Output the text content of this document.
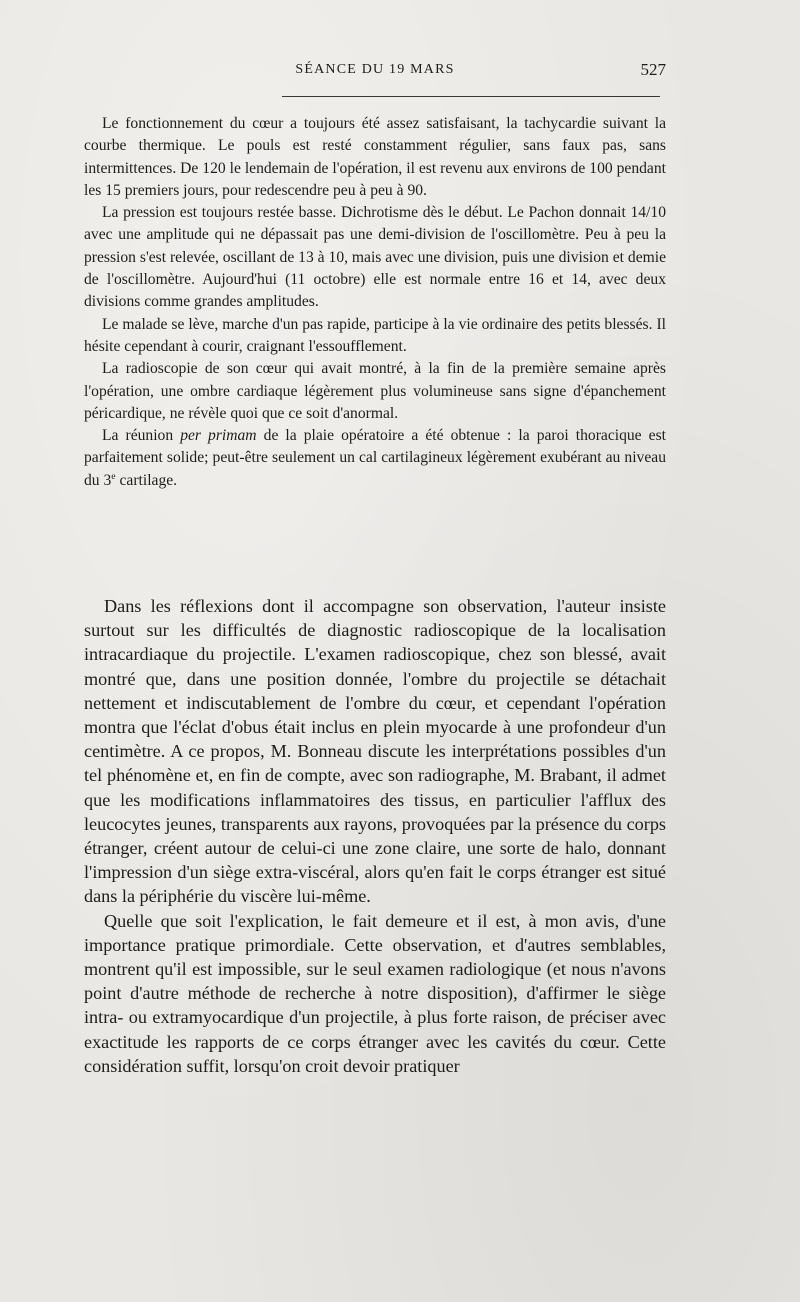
SÉANCE DU 19 MARS	527

Le fonctionnement du cœur a toujours été assez satisfaisant, la tachycardie suivant la courbe thermique. Le pouls est resté constamment régulier, sans faux pas, sans intermittences. De 120 le lendemain de l'opération, il est revenu aux environs de 100 pendant les 15 premiers jours, pour redescendre peu à peu à 90.

La pression est toujours restée basse. Dichrotisme dès le début. Le Pachon donnait 14/10 avec une amplitude qui ne dépassait pas une demi-division de l'oscillomètre. Peu à peu la pression s'est relevée, oscillant de 13 à 10, mais avec une division, puis une division et demie de l'oscillomètre. Aujourd'hui (11 octobre) elle est normale entre 16 et 14, avec deux divisions comme grandes amplitudes.

Le malade se lève, marche d'un pas rapide, participe à la vie ordinaire des petits blessés. Il hésite cependant à courir, craignant l'essoufflement.

La radioscopie de son cœur qui avait montré, à la fin de la première semaine après l'opération, une ombre cardiaque légèrement plus volumineuse sans signe d'épanchement péricardique, ne révèle quoi que ce soit d'anormal.

La réunion per primam de la plaie opératoire a été obtenue : la paroi thoracique est parfaitement solide; peut-être seulement un cal cartilagineux légèrement exubérant au niveau du 3e cartilage.

Dans les réflexions dont il accompagne son observation, l'auteur insiste surtout sur les difficultés de diagnostic radioscopique de la localisation intracardiaque du projectile. L'examen radioscopique, chez son blessé, avait montré que, dans une position donnée, l'ombre du projectile se détachait nettement et indiscutablement de l'ombre du cœur, et cependant l'opération montra que l'éclat d'obus était inclus en plein myocarde à une profondeur d'un centimètre. A ce propos, M. Bonneau discute les interprétations possibles d'un tel phénomène et, en fin de compte, avec son radiographe, M. Brabant, il admet que les modifications inflammatoires des tissus, en particulier l'afflux des leucocytes jeunes, transparents aux rayons, provoquées par la présence du corps étranger, créent autour de celui-ci une zone claire, une sorte de halo, donnant l'impression d'un siège extra-viscéral, alors qu'en fait le corps étranger est situé dans la périphérie du viscère lui-même.

Quelle que soit l'explication, le fait demeure et il est, à mon avis, d'une importance pratique primordiale. Cette observation, et d'autres semblables, montrent qu'il est impossible, sur le seul examen radiologique (et nous n'avons point d'autre méthode de recherche à notre disposition), d'affirmer le siège intra- ou extramyocardique d'un projectile, à plus forte raison, de préciser avec exactitude les rapports de ce corps étranger avec les cavités du cœur. Cette considération suffit, lorsqu'on croit devoir pratiquer
